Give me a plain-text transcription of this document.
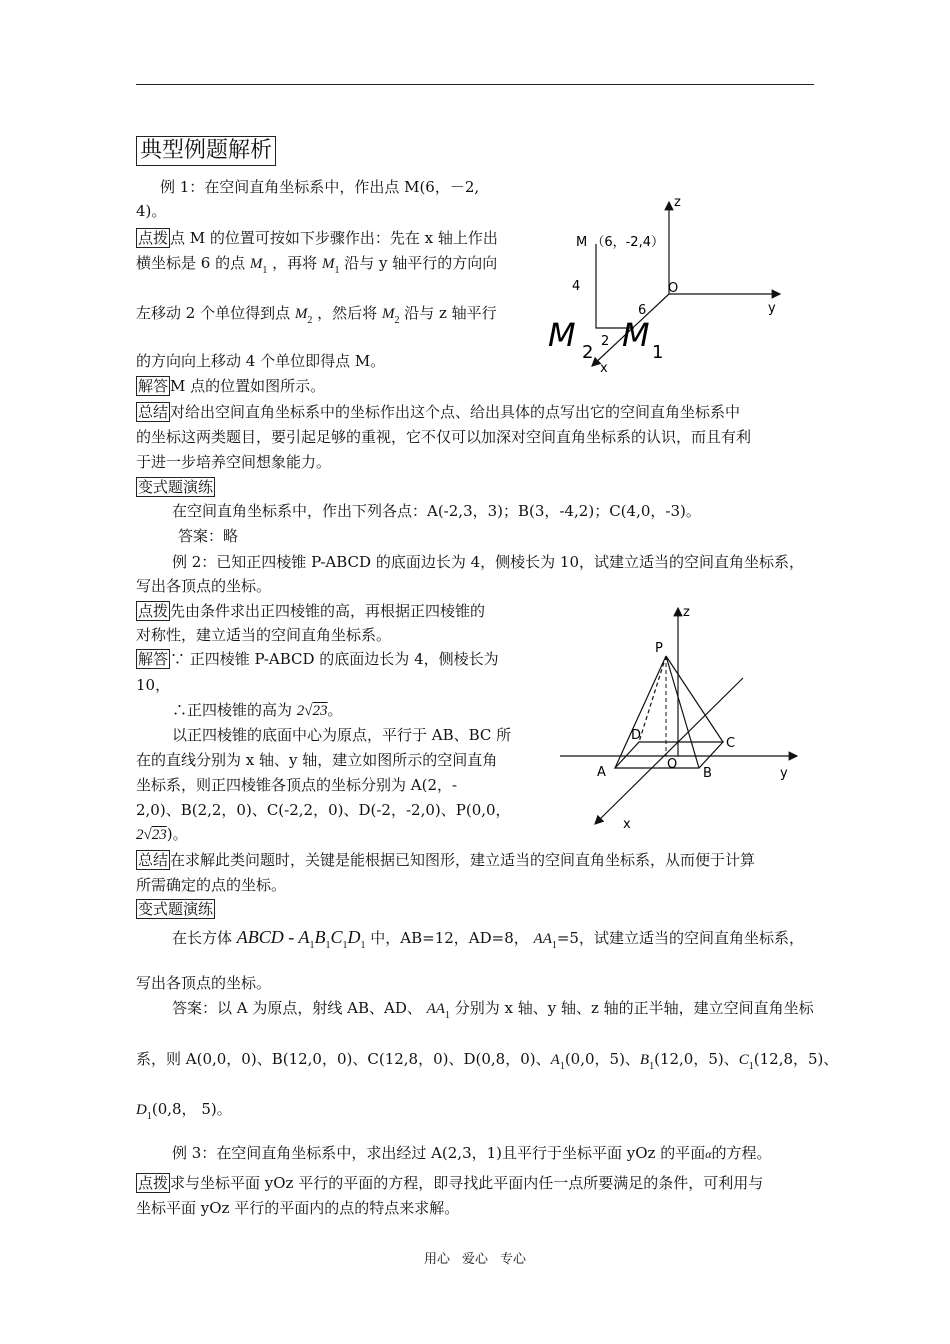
典型例题解析
例 1：在空间直角坐标系中，作出点 M(6，－2,
4)。
点拨 点 M 的位置可按如下步骤作出：先在 x 轴上作出
横坐标是 6 的点 $M_1$ ，再将 $M_1$ 沿与 y 轴平行的方向向
左移动 2 个单位得到点 $M_2$ ，然后将 $M_2$ 沿与 z 轴平行
的方向向上移动 4 个单位即得点 M。
解答 M 点的位置如图所示。
总结 对给出空间直角坐标系中的坐标作出这个点、给出具体的点写出它的空间直角坐标系中
的坐标这两类题目，要引起足够的重视，它不仅可以加深对空间直角坐标系的认识，而且有利
于进一步培养空间想象能力。
变式题演练
在空间直角坐标系中，作出下列各点：A(-2,3，3)；B(3，-4,2)；C(4,0，-3)。
答案：略
z
y
x
O
M （6，-2,4）
4
6
2
M 2 M 1
例 2：已知正四棱锥 P-ABCD 的底面边长为 4，侧棱长为 10，试建立适当的空间直角坐标系，
写出各顶点的坐标。
点拨 先由条件求出正四棱锥的高，再根据正四棱锥的
对称性，建立适当的空间直角坐标系。
解答 ∵ 正四棱锥 P-ABCD 的底面边长为 4，侧棱长为
10，
∴正四棱锥的高为 2√23。
以正四棱锥的底面中心为原点，平行于 AB、BC 所
在的直线分别为 x 轴、y 轴，建立如图所示的空间直角
坐标系，则正四棱锥各顶点的坐标分别为 A(2，-
2,0)、B(2,2，0)、C(-2,2，0)、D(-2，-2,0)、P(0,0，
2√23)。
总结 在求解此类问题时，关键是能根据已知图形，建立适当的空间直角坐标系，从而便于计算
所需确定的点的坐标。
变式题演练
在长方体 ABCD - $A_1B_1C_1D_1$ 中，AB=12，AD=8， $AA_1=5$，试建立适当的空间直角坐标系，
写出各顶点的坐标。
答案：以 A 为原点，射线 AB、AD、 $AA_1$ 分别为 x 轴、y 轴、z 轴的正半轴，建立空间直角坐标
系，则 A(0,0，0)、B(12,0，0)、C(12,8，0)、D(0,8，0)、$A_1(0,0$，5)、$B_1(12,0$，5)、$C_1(12,8$，5)、
$D_1(0,8$， 5)。
z
P
D
C
A
O
B	y
x
例 3：在空间直角坐标系中，求出经过 A(2,3，1)且平行于坐标平面 yOz 的平面α的方程。
点拨 求与坐标平面 yOz 平行的平面的方程，即寻找此平面内任一点所要满足的条件，可利用与
坐标平面 yOz 平行的平面内的点的特点来求解。
用心 爱心 专心
